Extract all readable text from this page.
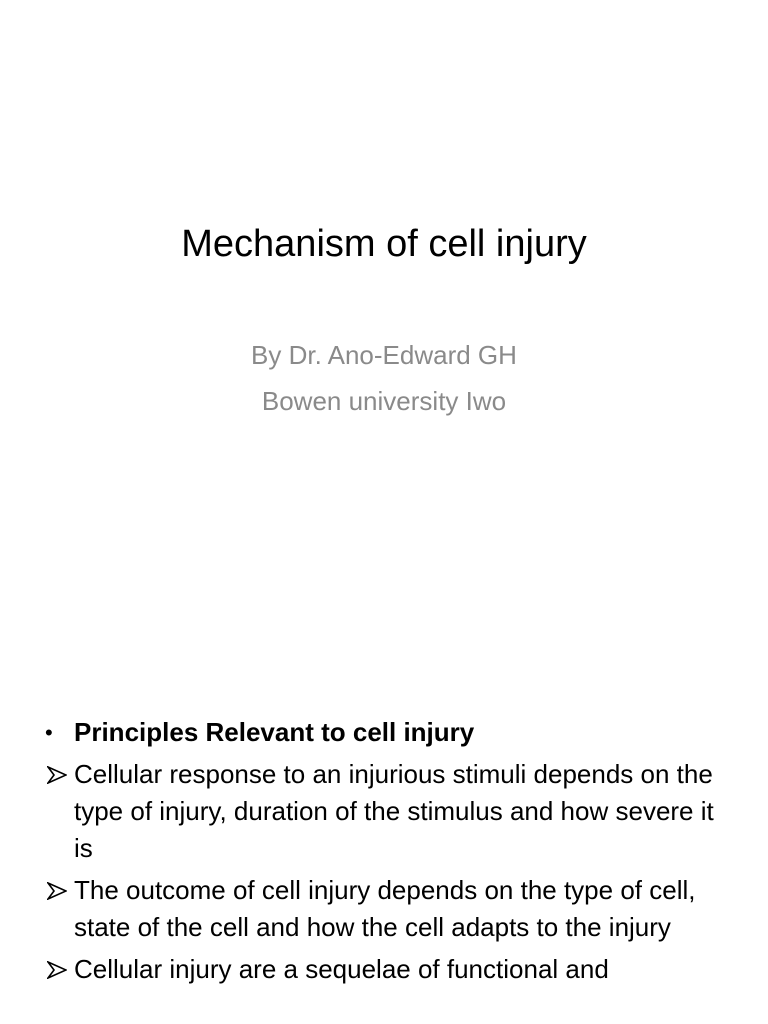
Mechanism of cell injury
By Dr. Ano-Edward GH
Bowen university Iwo
• Principles Relevant to cell injury
Cellular response to an injurious stimuli depends on the type of injury, duration of the stimulus and how severe it is
The outcome of cell injury depends on the type of cell, state of the cell and how the cell adapts to the injury
Cellular injury are a sequelae of functional and
